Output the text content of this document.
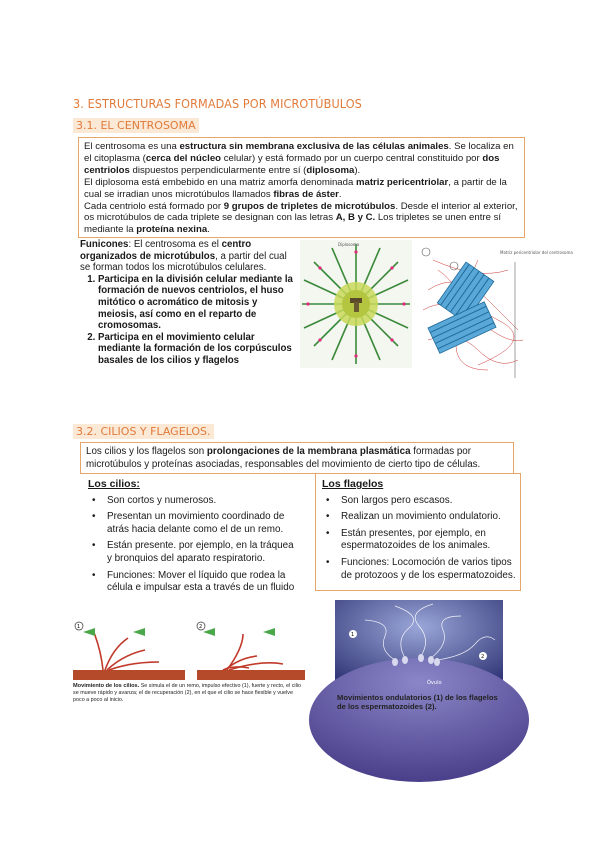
3. ESTRUCTURAS FORMADAS POR MICROTÚBULOS
3.1. EL CENTROSOMA
El centrosoma es una estructura sin membrana exclusiva de las células animales. Se localiza en el citoplasma (cerca del núcleo celular) y está formado por un cuerpo central constituido por dos centriolos dispuestos perpendicularmente entre sí (diplosoma).
El diplosoma está embebido en una matriz amorfa denominada matriz pericentriolar, a partir de la cual se irradian unos microtúbulos llamados fibras de áster.
Cada centriolo está formado por 9 grupos de tripletes de microtúbulos. Desde el interior al exterior, os microtúbulos de cada triplete se designan con las letras A, B y C. Los tripletes se unen entre sí mediante la proteína nexina.
Funicones: El centrosoma es el centro organizados de microtúbulos, a partir del cual se forman todos los microtúbulos celulares.
1. Participa en la división celular mediante la formación de nuevos centriolos, el huso mitótico o acromático de mitosis y meiosis, así como en el reparto de cromosomas.
2. Participa en el movimiento celular mediante la formación de los corpúsculos basales de los cilios y flagelos
Diplosoma
Matriz pericentriolar del centrosoma
3.2. CILIOS Y FLAGELOS.
Los cilios y los flagelos son prolongaciones de la membrana plasmática formadas por microtúbulos y proteínas asociadas, responsables del movimiento de cierto tipo de células.
Los cilios:
• Son cortos y numerosos.
• Presentan un movimiento coordinado de atrás hacia delante como el de un remo.
• Están presente. por ejemplo, en la tráquea y bronquios del aparato respiratorio.
• Funciones: Mover el líquido que rodea la célula e impulsar esta a través de un fluido
Los flagelos
• Son largos pero escasos.
• Realizan un movimiento ondulatorio.
• Están presentes, por ejemplo, en espermatozoides de los animales.
• Funciones: Locomoción de varios tipos de protozoos y de los espermatozoides.
1	2
Movimiento de los cilios. Se simula el de un remo, impulso efectivo (1), fuerte y recto, el cilio se mueve rápido y avanza; el de recuperación (2), en el que el cilio se hace flexible y vuelve poco a poco al inicio.
1
2
Óvulo
Movimientos ondulatorios (1) de los flagelos de los espermatozoides (2).
